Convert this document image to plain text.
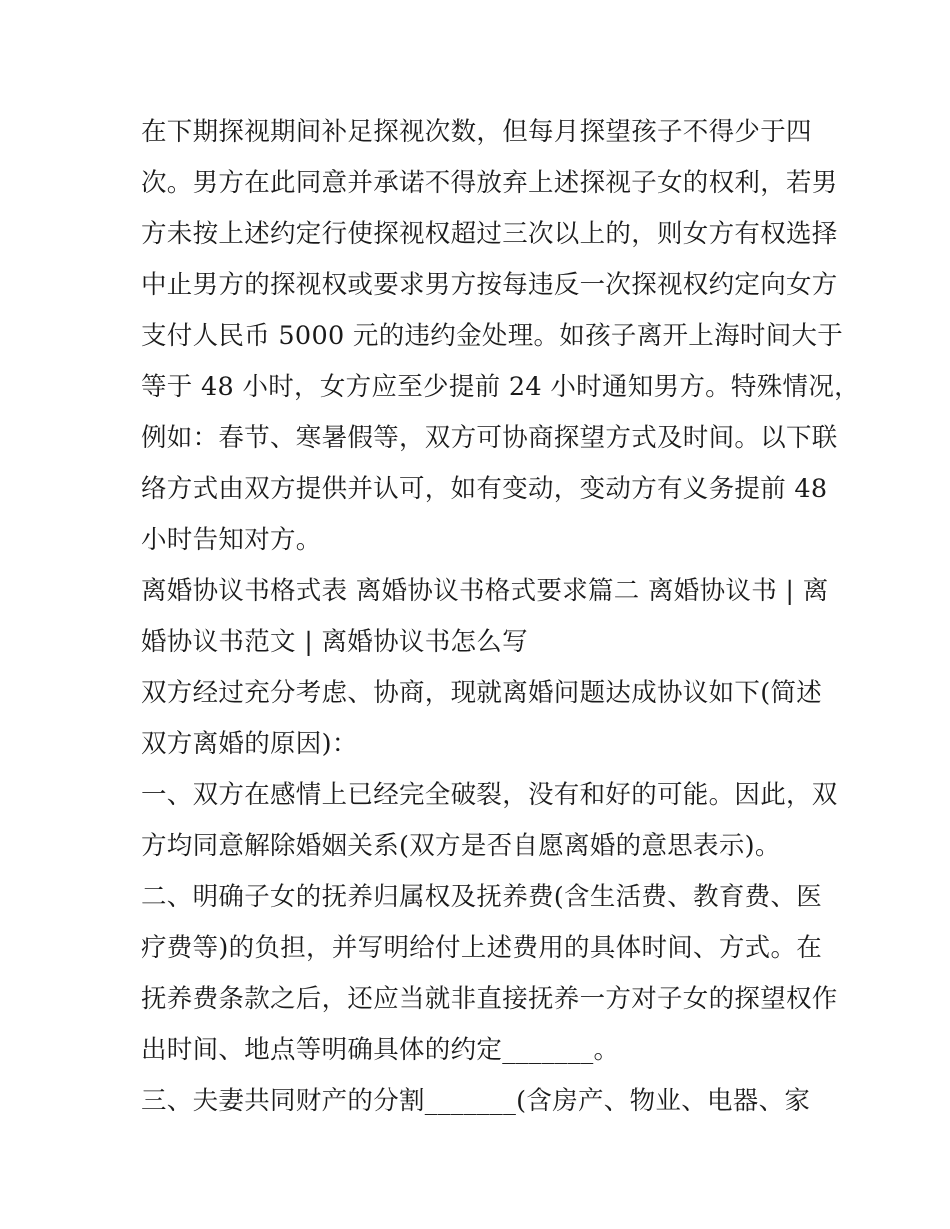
在下期探视期间补足探视次数，但每月探望孩子不得少于四
次。男方在此同意并承诺不得放弃上述探视子女的权利，若男
方未按上述约定行使探视权超过三次以上的，则女方有权选择
中止男方的探视权或要求男方按每违反一次探视权约定向女方
支付人民币 5000 元的违约金处理。如孩子离开上海时间大于
等于 48 小时，女方应至少提前 24 小时通知男方。特殊情况，
例如：春节、寒暑假等，双方可协商探望方式及时间。以下联
络方式由双方提供并认可，如有变动，变动方有义务提前 48
小时告知对方。
离婚协议书格式表 离婚协议书格式要求篇二 离婚协议书 | 离
婚协议书范文 | 离婚协议书怎么写
双方经过充分考虑、协商，现就离婚问题达成协议如下(简述
双方离婚的原因)：
一、双方在感情上已经完全破裂，没有和好的可能。因此，双
方均同意解除婚姻关系(双方是否自愿离婚的意思表示)。
二、明确子女的抚养归属权及抚养费(含生活费、教育费、医
疗费等)的负担，并写明给付上述费用的具体时间、方式。在
抚养费条款之后，还应当就非直接抚养一方对子女的探望权作
出时间、地点等明确具体的约定_______。
三、夫妻共同财产的分割_______(含房产、物业、电器、家
